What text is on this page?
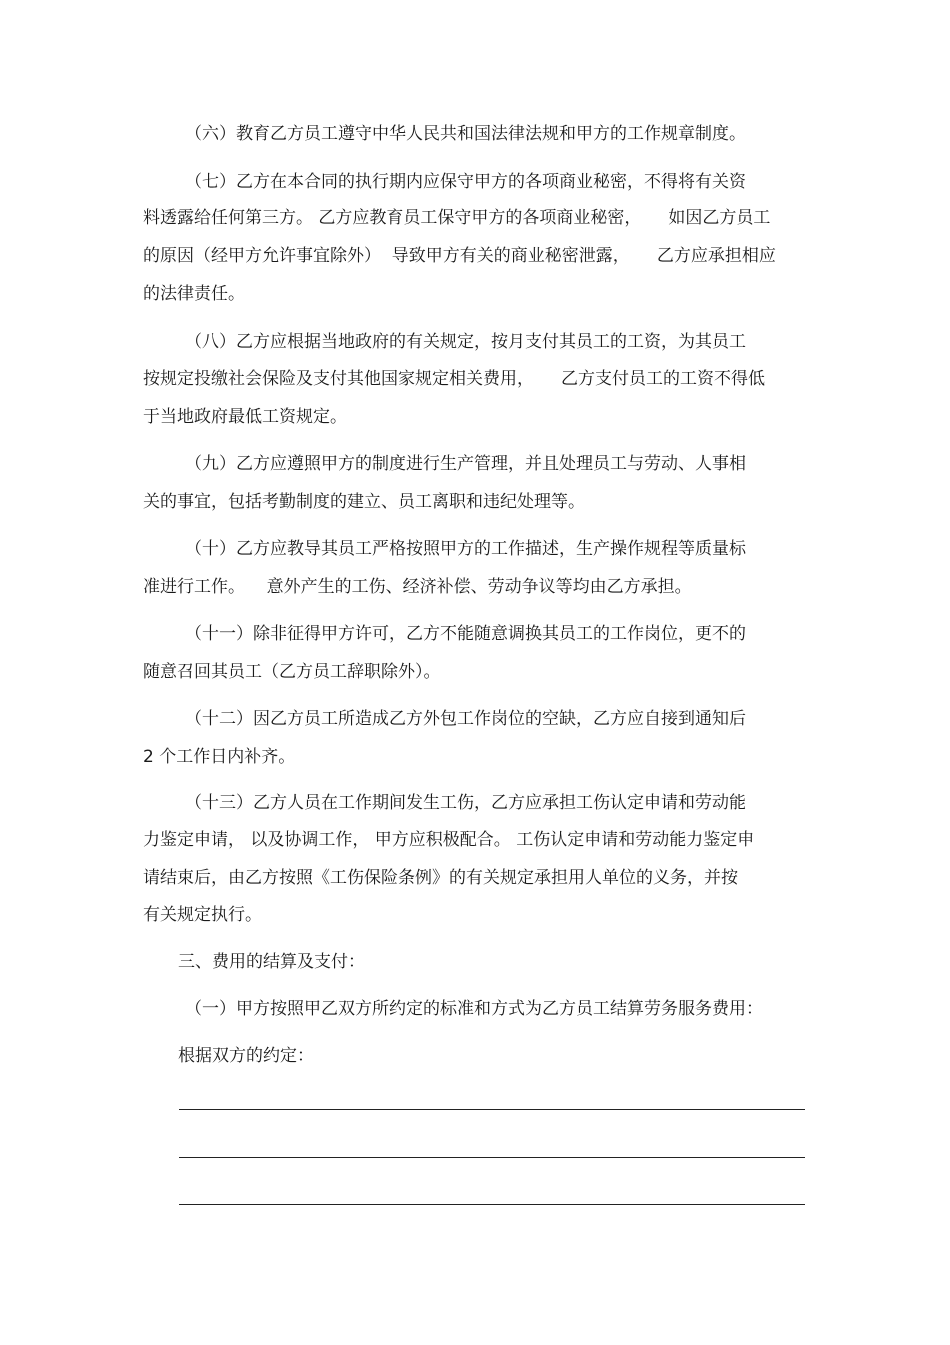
（六）教育乙方员工遵守中华人民共和国法律法规和甲方的工作规章制度。

（七）乙方在本合同的执行期内应保守甲方的各项商业秘密，不得将有关资

料透露给任何第三方。 乙方应教育员工保守甲方的各项商业秘密，     如因乙方员工

的原因（经甲方允许事宜除外）  导致甲方有关的商业秘密泄露，     乙方应承担相应

的法律责任。

（八）乙方应根据当地政府的有关规定，按月支付其员工的工资，为其员工

按规定投缴社会保险及支付其他国家规定相关费用，     乙方支付员工的工资不得低

于当地政府最低工资规定。

（九）乙方应遵照甲方的制度进行生产管理，并且处理员工与劳动、人事相

关的事宜，包括考勤制度的建立、员工离职和违纪处理等。

（十）乙方应教导其员工严格按照甲方的工作描述，生产操作规程等质量标

准进行工作。    意外产生的工伤、经济补偿、劳动争议等均由乙方承担。

（十一）除非征得甲方许可，乙方不能随意调换其员工的工作岗位，更不的

随意召回其员工（乙方员工辞职除外）。

（十二）因乙方员工所造成乙方外包工作岗位的空缺，乙方应自接到通知后

2 个工作日内补齐。

（十三）乙方人员在工作期间发生工伤，乙方应承担工伤认定申请和劳动能

力鉴定申请， 以及协调工作， 甲方应积极配合。 工伤认定申请和劳动能力鉴定申

请结束后，由乙方按照《工伤保险条例》的有关规定承担用人单位的义务，并按

有关规定执行。

三、费用的结算及支付：

（一）甲方按照甲乙双方所约定的标准和方式为乙方员工结算劳务服务费用：

根据双方的约定：
